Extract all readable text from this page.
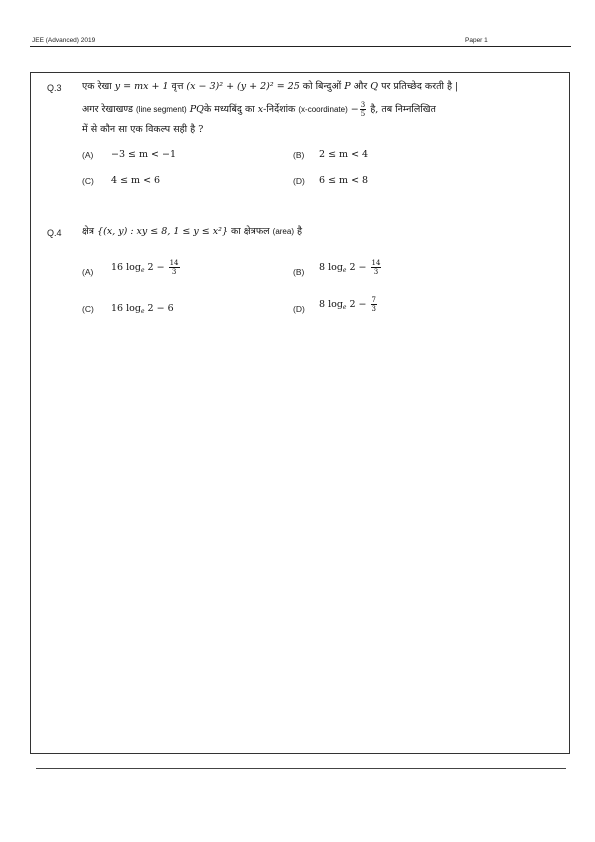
JEE (Advanced) 2019	Paper 1
Q.3 एक रेखा y = mx + 1 वृत्त (x − 3)² + (y + 2)² = 25 को बिन्दुओं P और Q पर प्रतिच्छेद करती है |
अगर रेखाखण्ड (line segment) PQके मध्यबिंदु का x-निर्देशांक (x-coordinate) − $\frac{3}{5}$ है, तब निम्नलिखित
में से कौन सा एक विकल्प सही है ?
(A) −3 ≤ m < −1	(B) 2 ≤ m < 4
(C) 4 ≤ m < 6	(D) 6 ≤ m < 8
Q.4 क्षेत्र {(x, y) : xy ≤ 8, 1 ≤ y ≤ x²} का क्षेत्रफल (area) है
(A) 16 $\log_e 2 - \frac{14}{3}$	(B) 8 $\log_e 2 - \frac{14}{3}$
(C) 16 $\log_e 2 - 6$	(D) 8 $\log_e 2 - \frac{7}{3}$
